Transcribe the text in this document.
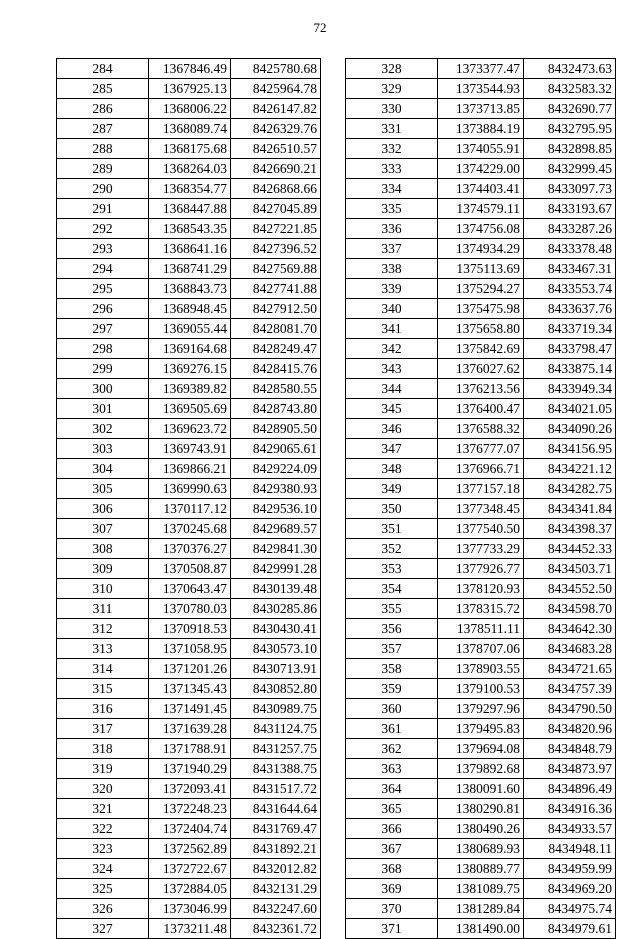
72
284	1367846.49	8425780.68
285	1367925.13	8425964.78
286	1368006.22	8426147.82
287	1368089.74	8426329.76
288	1368175.68	8426510.57
289	1368264.03	8426690.21
290	1368354.77	8426868.66
291	1368447.88	8427045.89
292	1368543.35	8427221.85
293	1368641.16	8427396.52
294	1368741.29	8427569.88
295	1368843.73	8427741.88
296	1368948.45	8427912.50
297	1369055.44	8428081.70
298	1369164.68	8428249.47
299	1369276.15	8428415.76
300	1369389.82	8428580.55
301	1369505.69	8428743.80
302	1369623.72	8428905.50
303	1369743.91	8429065.61
304	1369866.21	8429224.09
305	1369990.63	8429380.93
306	1370117.12	8429536.10
307	1370245.68	8429689.57
308	1370376.27	8429841.30
309	1370508.87	8429991.28
310	1370643.47	8430139.48
311	1370780.03	8430285.86
312	1370918.53	8430430.41
313	1371058.95	8430573.10
314	1371201.26	8430713.91
315	1371345.43	8430852.80
316	1371491.45	8430989.75
317	1371639.28	8431124.75
318	1371788.91	8431257.75
319	1371940.29	8431388.75
320	1372093.41	8431517.72
321	1372248.23	8431644.64
322	1372404.74	8431769.47
323	1372562.89	8431892.21
324	1372722.67	8432012.82
325	1372884.05	8432131.29
326	1373046.99	8432247.60
327	1373211.48	8432361.72
328	1373377.47	8432473.63
329	1373544.93	8432583.32
330	1373713.85	8432690.77
331	1373884.19	8432795.95
332	1374055.91	8432898.85
333	1374229.00	8432999.45
334	1374403.41	8433097.73
335	1374579.11	8433193.67
336	1374756.08	8433287.26
337	1374934.29	8433378.48
338	1375113.69	8433467.31
339	1375294.27	8433553.74
340	1375475.98	8433637.76
341	1375658.80	8433719.34
342	1375842.69	8433798.47
343	1376027.62	8433875.14
344	1376213.56	8433949.34
345	1376400.47	8434021.05
346	1376588.32	8434090.26
347	1376777.07	8434156.95
348	1376966.71	8434221.12
349	1377157.18	8434282.75
350	1377348.45	8434341.84
351	1377540.50	8434398.37
352	1377733.29	8434452.33
353	1377926.77	8434503.71
354	1378120.93	8434552.50
355	1378315.72	8434598.70
356	1378511.11	8434642.30
357	1378707.06	8434683.28
358	1378903.55	8434721.65
359	1379100.53	8434757.39
360	1379297.96	8434790.50
361	1379495.83	8434820.96
362	1379694.08	8434848.79
363	1379892.68	8434873.97
364	1380091.60	8434896.49
365	1380290.81	8434916.36
366	1380490.26	8434933.57
367	1380689.93	8434948.11
368	1380889.77	8434959.99
369	1381089.75	8434969.20
370	1381289.84	8434975.74
371	1381490.00	8434979.61
